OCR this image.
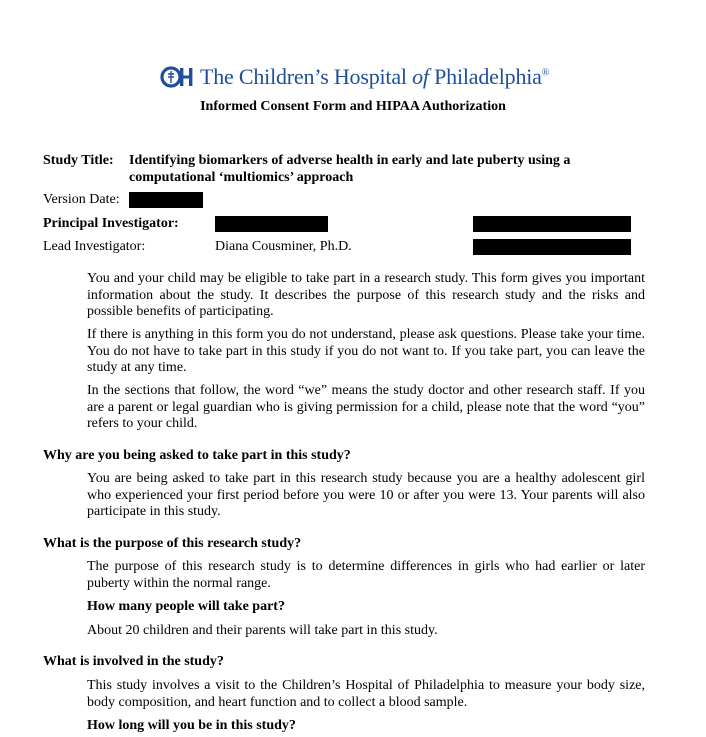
The Children’s Hospital of Philadelphia®
Informed Consent Form and HIPAA Authorization
Study Title: Identifying biomarkers of adverse health in early and late puberty using a
computational ‘multiomics’ approach
Version Date:
Principal Investigator:
Lead Investigator:	Diana Cousminer, Ph.D.
You and your child may be eligible to take part in a research study. This form gives you important information about the study. It describes the purpose of this research study and the risks and possible benefits of participating.
If there is anything in this form you do not understand, please ask questions. Please take your time. You do not have to take part in this study if you do not want to. If you take part, you can leave the study at any time.
In the sections that follow, the word “we” means the study doctor and other research staff. If you are a parent or legal guardian who is giving permission for a child, please note that the word “you” refers to your child.
Why are you being asked to take part in this study?
You are being asked to take part in this research study because you are a healthy adolescent girl who experienced your first period before you were 10 or after you were 13. Your parents will also participate in this study.
What is the purpose of this research study?
The purpose of this research study is to determine differences in girls who had earlier or later puberty within the normal range.
How many people will take part?
About 20 children and their parents will take part in this study.
What is involved in the study?
This study involves a visit to the Children’s Hospital of Philadelphia to measure your body size, body composition, and heart function and to collect a blood sample.
How long will you be in this study?
